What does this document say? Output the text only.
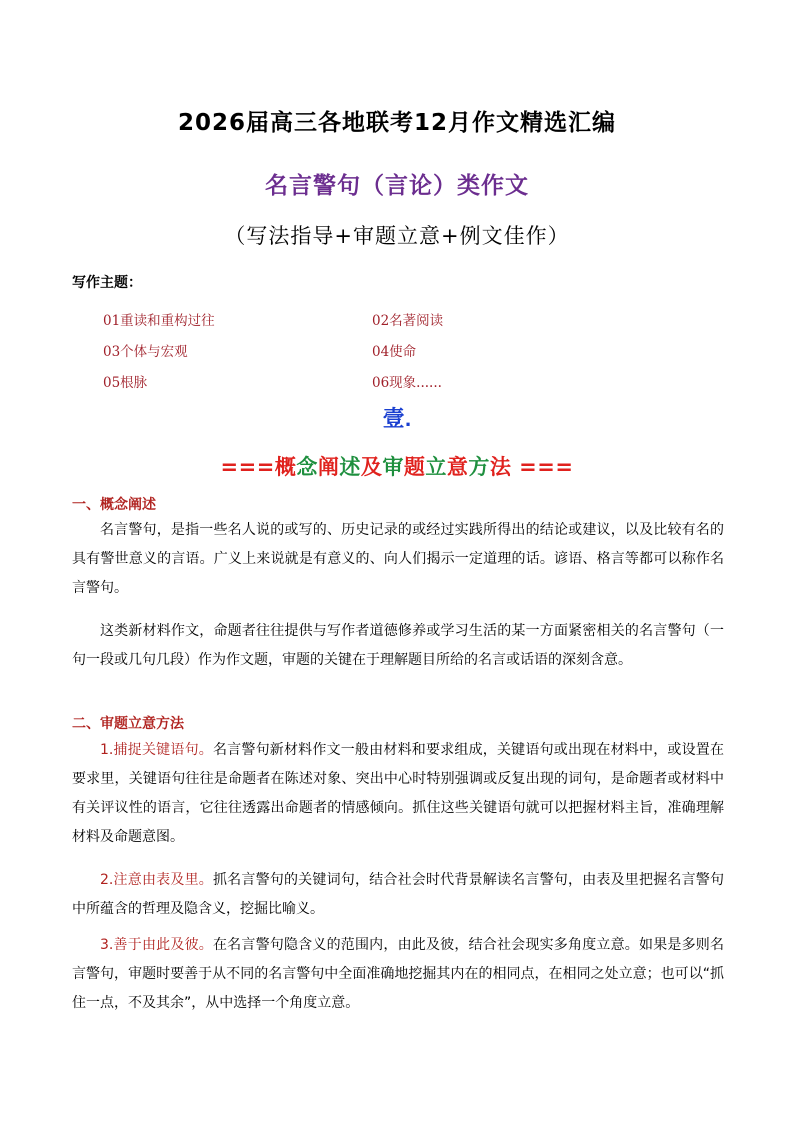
2026届高三各地联考12月作文精选汇编
名言警句（言论）类作文
（写法指导+审题立意+例文佳作）
写作主题：
01重读和重构过往	02名著阅读
03个体与宏观	04使命
05根脉	06现象......
壹.
===概念阐述及审题立意方法 ===
一、概念阐述
名言警句，是指一些名人说的或写的、历史记录的或经过实践所得出的结论或建议，以及比较有名的具有警世意义的言语。广义上来说就是有意义的、向人们揭示一定道理的话。谚语、格言等都可以称作名言警句。
这类新材料作文，命题者往往提供与写作者道德修养或学习生活的某一方面紧密相关的名言警句（一句一段或几句几段）作为作文题，审题的关键在于理解题目所给的名言或话语的深刻含意。
二、审题立意方法
1.捕捉关键语句。名言警句新材料作文一般由材料和要求组成，关键语句或出现在材料中，或设置在要求里，关键语句往往是命题者在陈述对象、突出中心时特别强调或反复出现的词句，是命题者或材料中有关评议性的语言，它往往透露出命题者的情感倾向。抓住这些关键语句就可以把握材料主旨，准确理解材料及命题意图。
2.注意由表及里。抓名言警句的关键词句，结合社会时代背景解读名言警句，由表及里把握名言警句中所蕴含的哲理及隐含义，挖掘比喻义。
3.善于由此及彼。在名言警句隐含义的范围内，由此及彼，结合社会现实多角度立意。如果是多则名言警句，审题时要善于从不同的名言警句中全面准确地挖掘其内在的相同点，在相同之处立意；也可以“抓住一点，不及其余”，从中选择一个角度立意。
